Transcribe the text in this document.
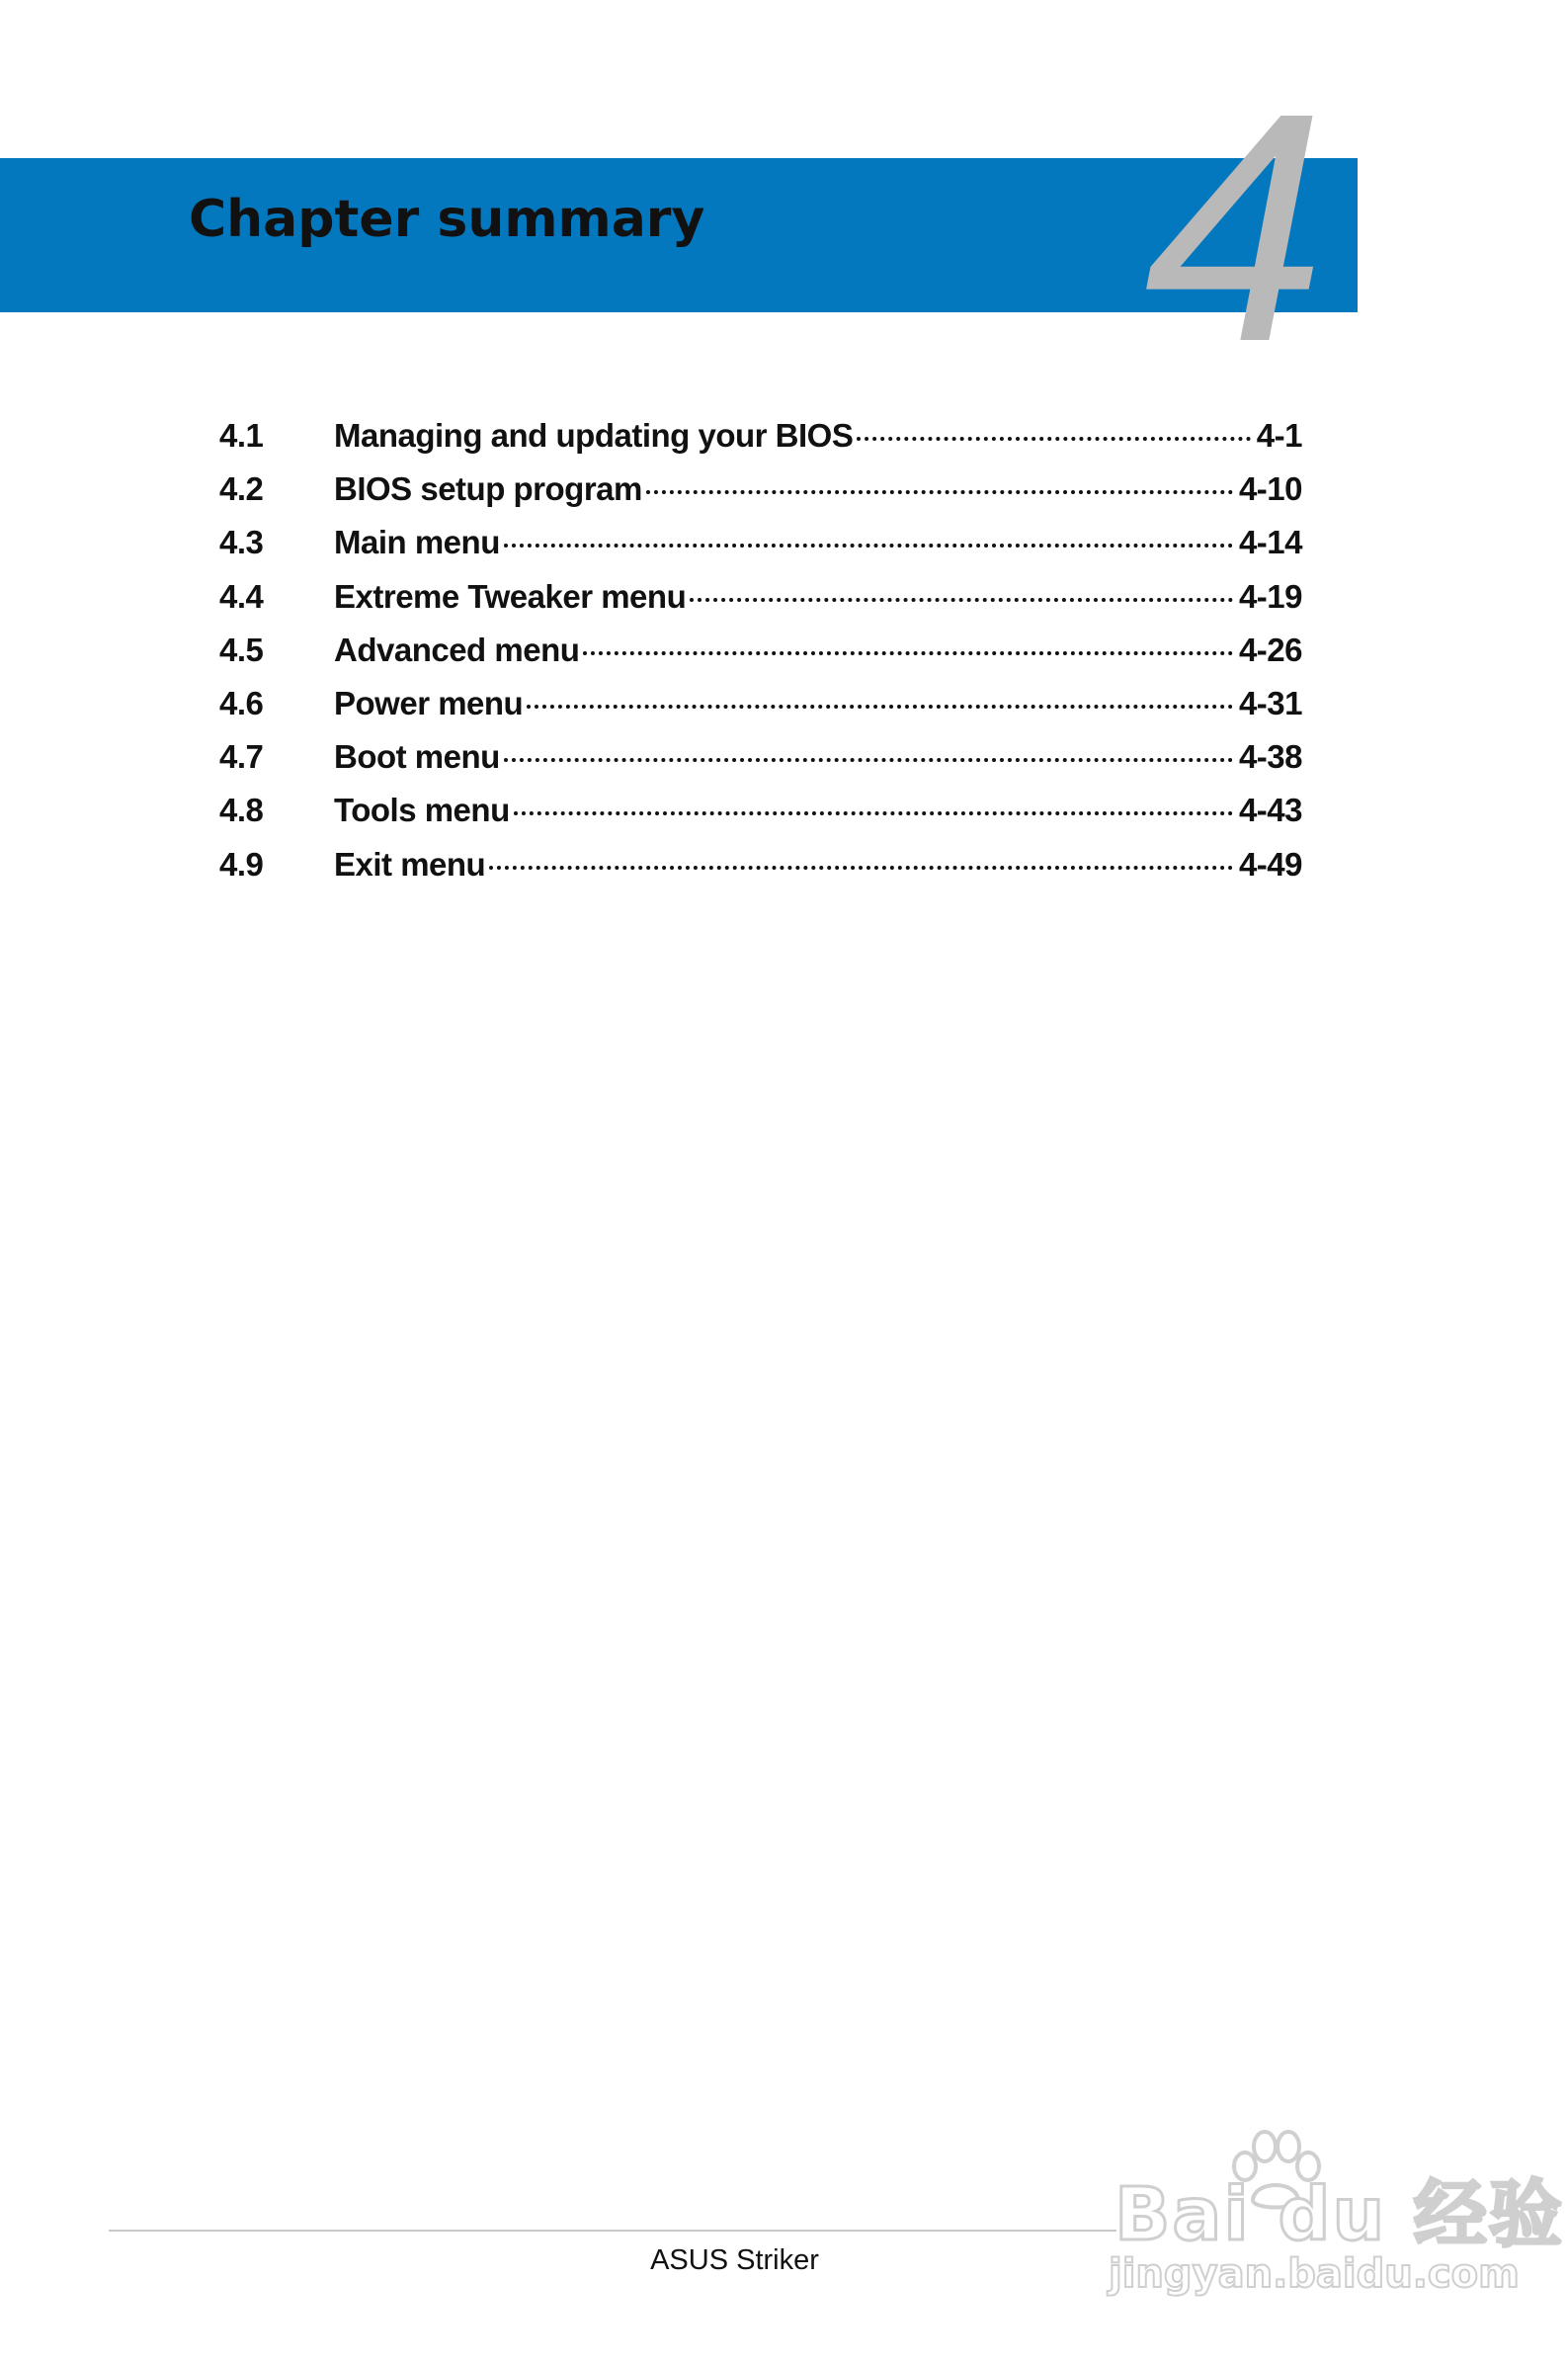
4
Chapter summary
4.1	Managing and updating your BIOS	4-1
4.2	BIOS setup program	4-10
4.3	Main menu	4-14
4.4	Extreme Tweaker menu	4-19
4.5	Advanced menu	4-26
4.6	Power menu	4-31
4.7	Boot menu	4-38
4.8	Tools menu	4-43
4.9	Exit menu	4-49
ASUS Striker
Bai du 经验
jingyan.baidu.com
